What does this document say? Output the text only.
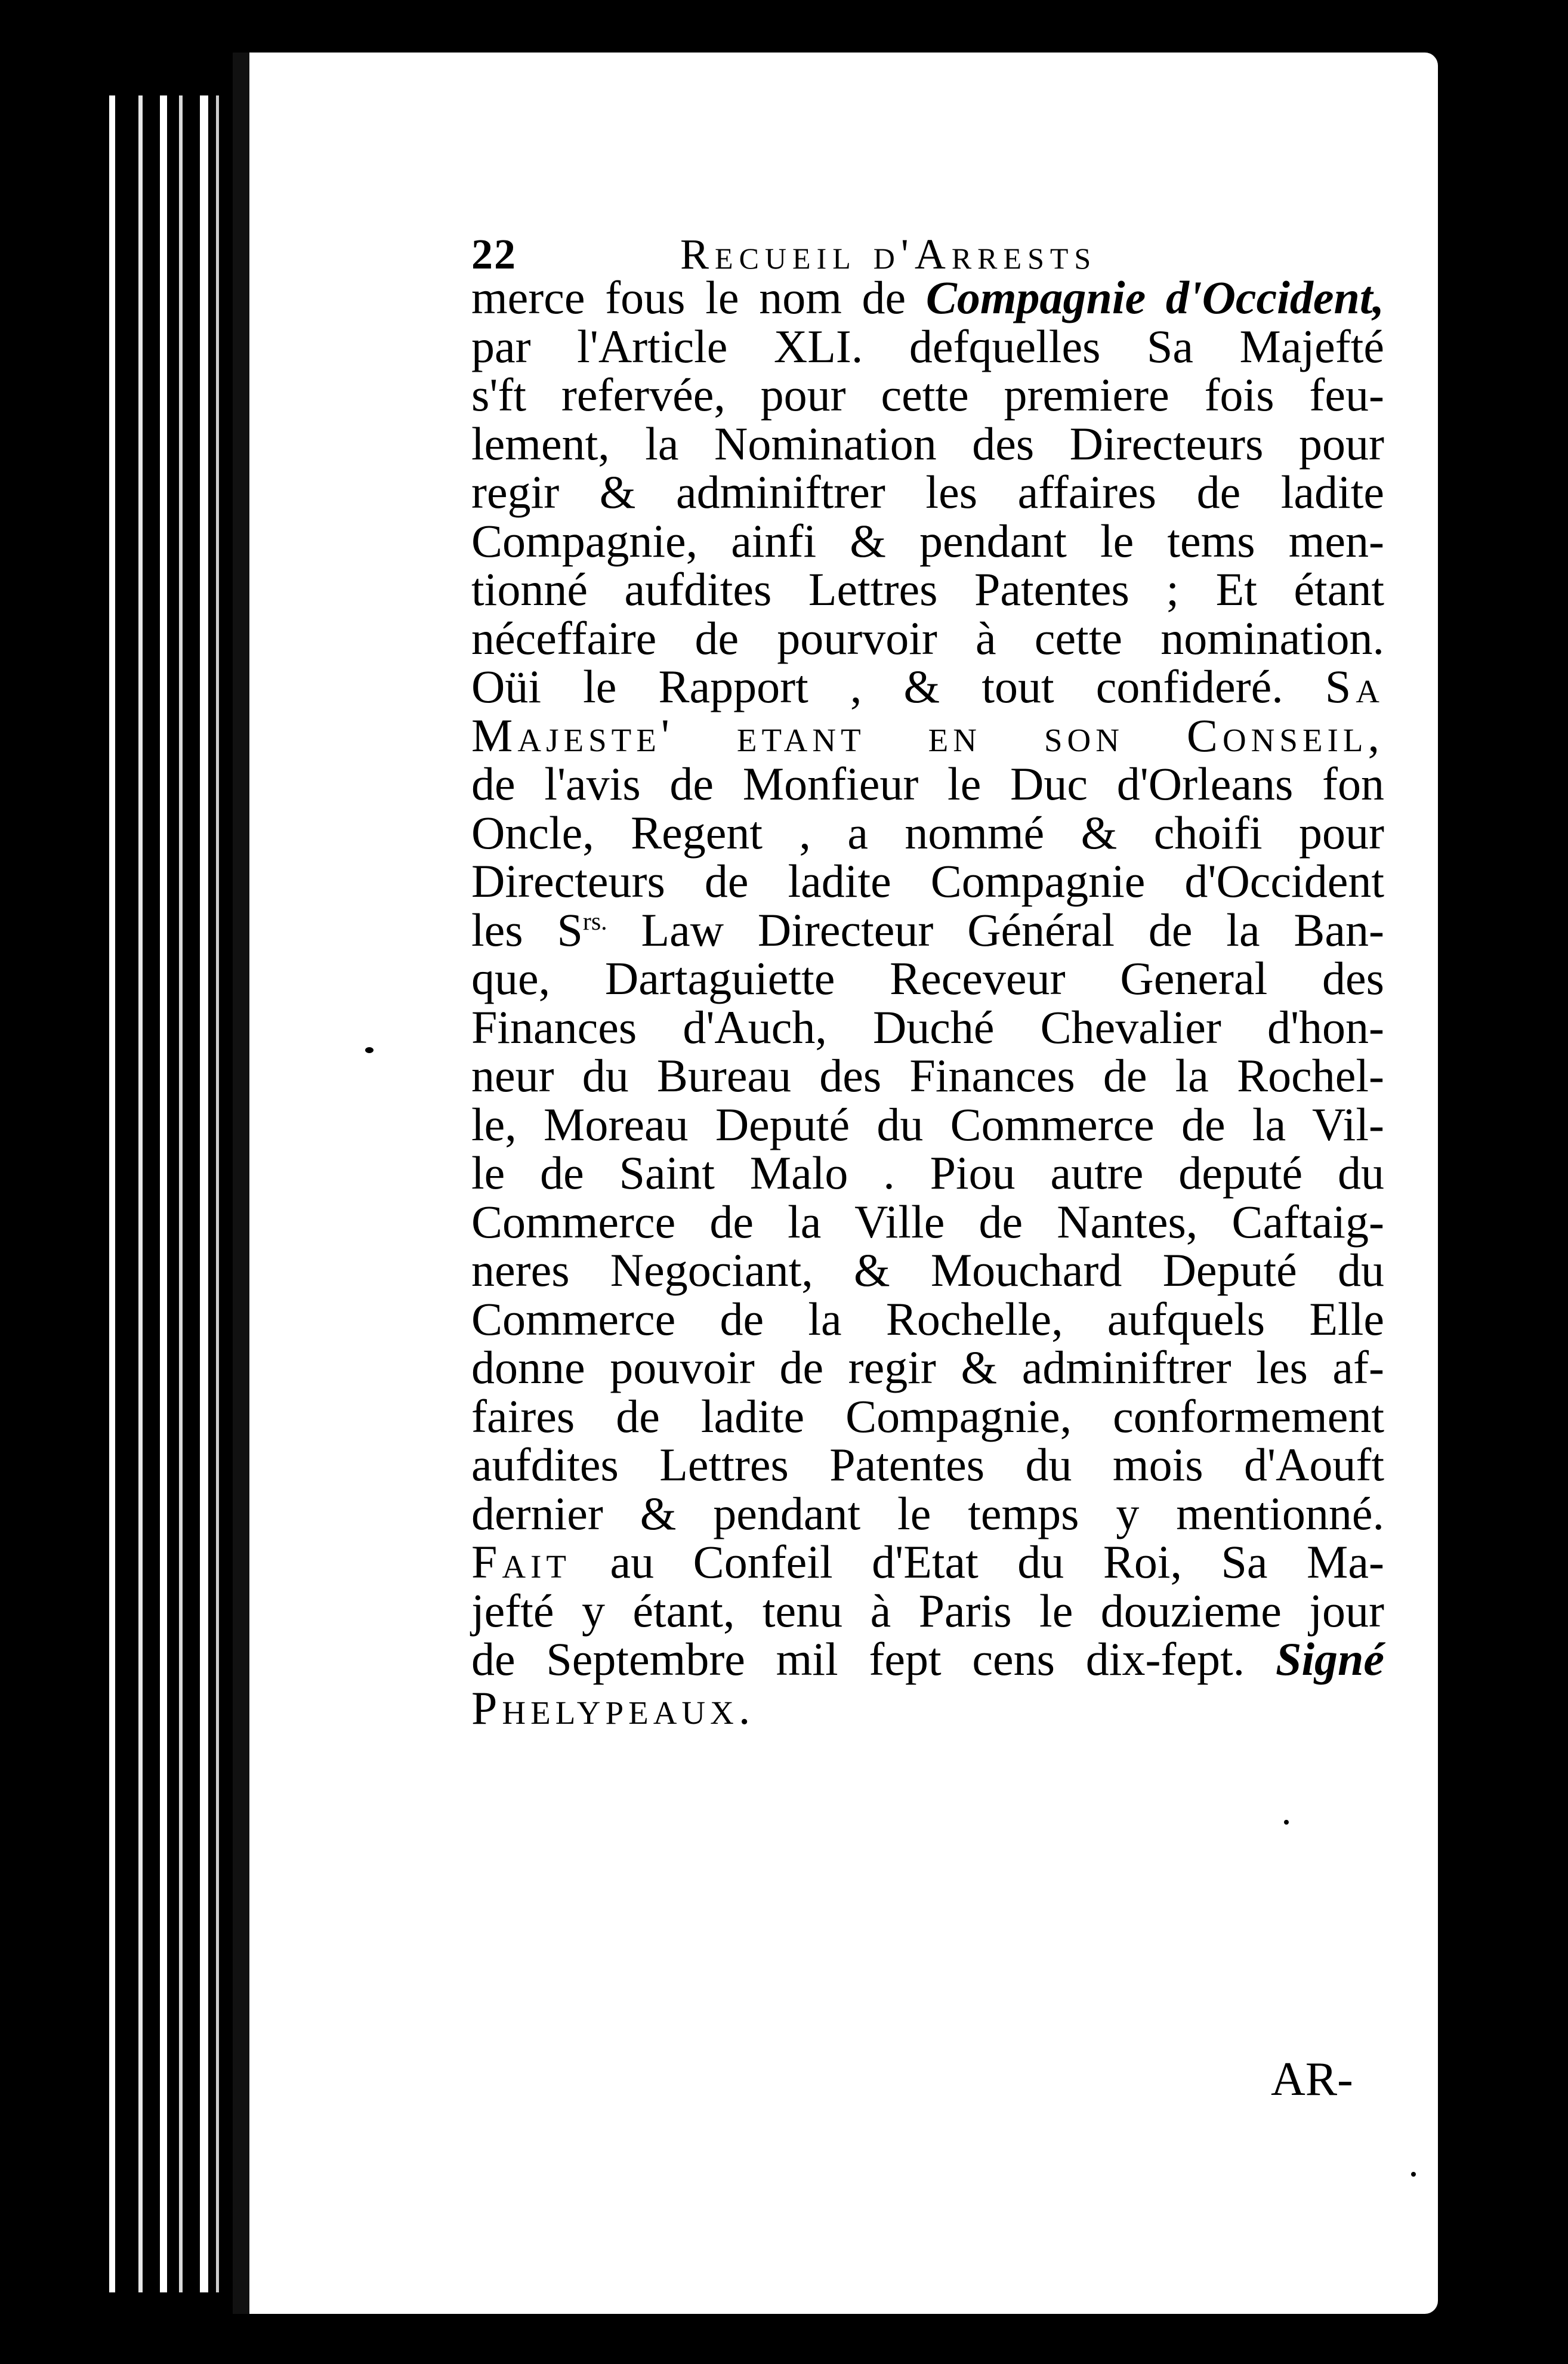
22	Recueil d'Arrests
merce fous le nom de Compagnie d'Occident,
par l'Article XLI. defquelles Sa Majefté
s'ft refervée, pour cette premiere fois feu-
lement, la Nomination des Directeurs pour
regir & adminiftrer les affaires de ladite
Compagnie, ainfi & pendant le tems men-
tionné aufdites Lettres Patentes ; Et étant
néceffaire de pourvoir à cette nomination.
Oüi le Rapport , & tout confideré. Sa
Majeste' etant en son Conseil,
de l'avis de Monfieur le Duc d'Orleans fon
Oncle, Regent , a nommé & choifi pour
Directeurs de ladite Compagnie d'Occident
les $S^{rs.}$ Law Directeur Général de la Ban-
que, Dartaguiette Receveur General des
Finances d'Auch, Duché Chevalier d'hon-
neur du Bureau des Finances de la Rochel-
le, Moreau Deputé du Commerce de la Vil-
le de Saint Malo . Piou autre deputé du
Commerce de la Ville de Nantes, Caftaig-
neres Negociant, & Mouchard Deputé du
Commerce de la Rochelle, aufquels Elle
donne pouvoir de regir & adminiftrer les af-
faires de ladite Compagnie, conformement
aufdites Lettres Patentes du mois d'Aouft
dernier & pendant le temps y mentionné.
Fait au Confeil d'Etat du Roi, Sa Ma-
jefté y étant, tenu à Paris le douzieme jour
de Septembre mil fept cens dix-fept. Signé
Phelypeaux.
AR-
